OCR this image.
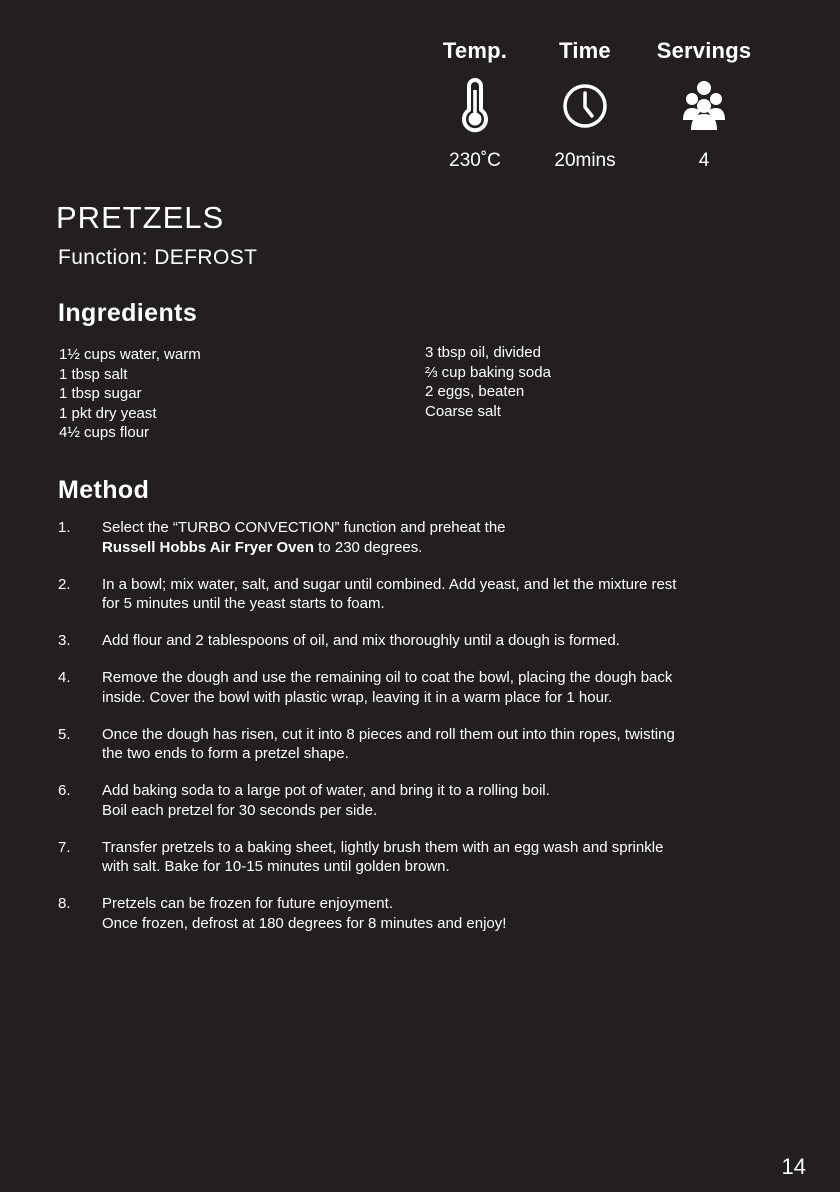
Temp.
230˚C
Time
20mins
Servings
4
PRETZELS
Function: DEFROST
Ingredients
1½ cups water, warm
1 tbsp salt
1 tbsp sugar
1 pkt dry yeast
4½ cups flour
3 tbsp oil, divided
⅔ cup baking soda
2 eggs, beaten
Coarse salt
Method
1.	Select the “TURBO CONVECTION” function and preheat the
Russell Hobbs Air Fryer Oven to 230 degrees.
2.	In a bowl; mix water, salt, and sugar until combined. Add yeast, and let the mixture rest
for 5 minutes until the yeast starts to foam.
3.	Add flour and 2 tablespoons of oil, and mix thoroughly until a dough is formed.
4.	Remove the dough and use the remaining oil to coat the bowl, placing the dough back
inside. Cover the bowl with plastic wrap, leaving it in a warm place for 1 hour.
5.	Once the dough has risen, cut it into 8 pieces and roll them out into thin ropes, twisting
the two ends to form a pretzel shape.
6.	Add baking soda to a large pot of water, and bring it to a rolling boil.
Boil each pretzel for 30 seconds per side.
7.	Transfer pretzels to a baking sheet, lightly brush them with an egg wash and sprinkle
with salt. Bake for 10-15 minutes until golden brown.
8.	Pretzels can be frozen for future enjoyment.
Once frozen, defrost at 180 degrees for 8 minutes and enjoy!
14
